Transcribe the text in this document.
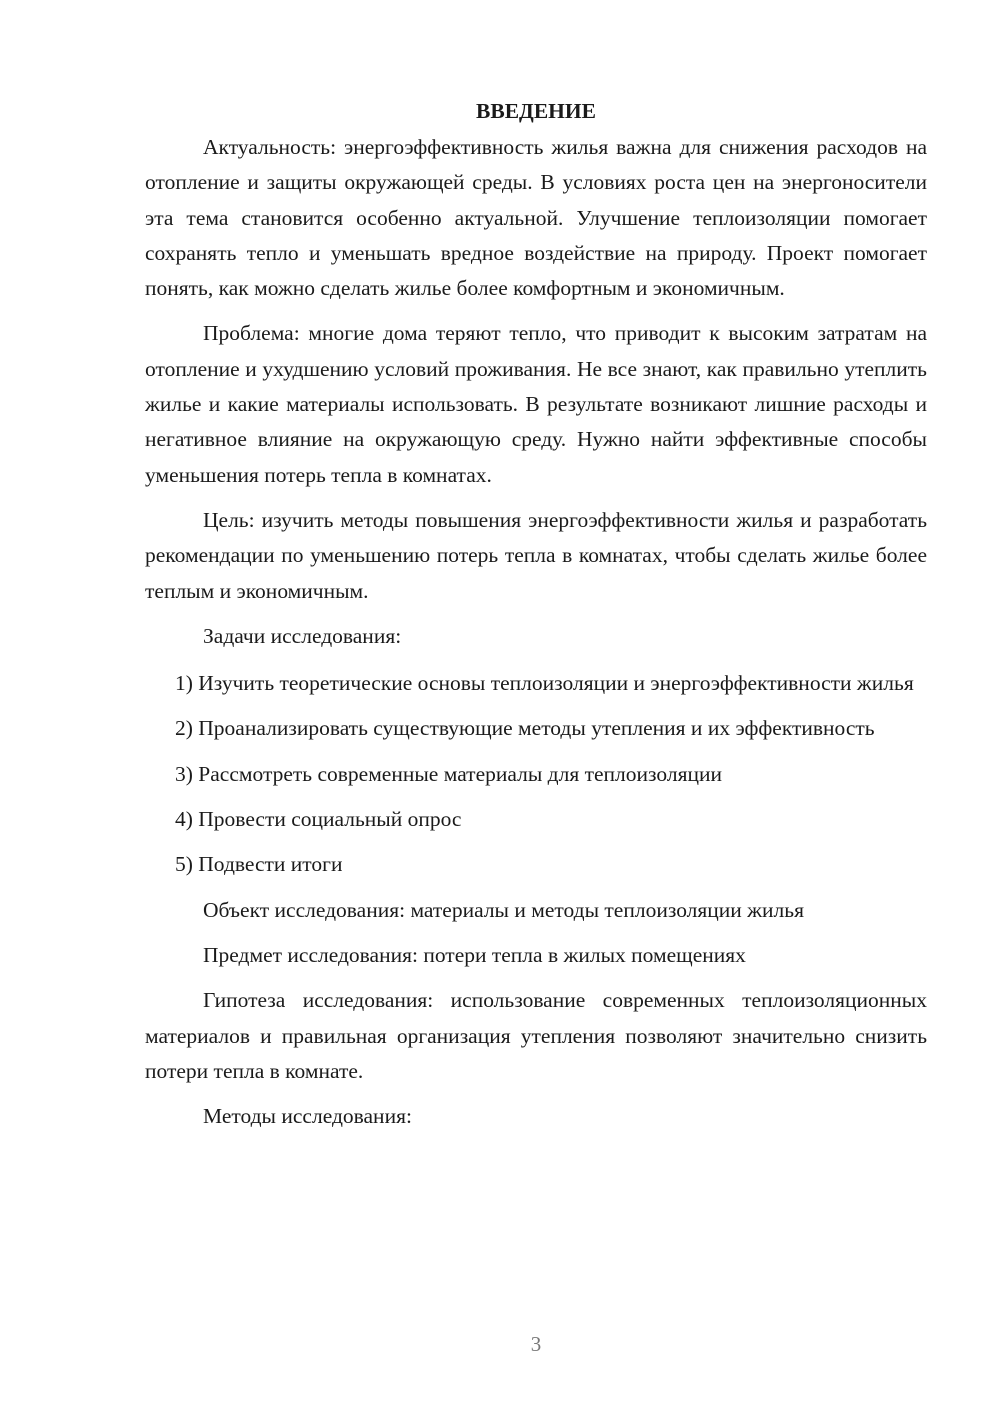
ВВЕДЕНИЕ

Актуальность: энергоэффективность жилья важна для снижения расходов на отопление и защиты окружающей среды. В условиях роста цен на энергоносители эта тема становится особенно актуальной. Улучшение теплоизоляции помогает сохранять тепло и уменьшать вредное воздействие на природу. Проект помогает понять, как можно сделать жилье более комфортным и экономичным.

Проблема: многие дома теряют тепло, что приводит к высоким затратам на отопление и ухудшению условий проживания. Не все знают, как правильно утеплить жилье и какие материалы использовать. В результате возникают лишние расходы и негативное влияние на окружающую среду. Нужно найти эффективные способы уменьшения потерь тепла в комнатах.

Цель: изучить методы повышения энергоэффективности жилья и разработать рекомендации по уменьшению потерь тепла в комнатах, чтобы сделать жилье более теплым и экономичным.

Задачи исследования:

1) Изучить теоретические основы теплоизоляции и энергоэффективности жилья

2) Проанализировать существующие методы утепления и их эффективность

3) Рассмотреть современные материалы для теплоизоляции

4) Провести социальный опрос

5) Подвести итоги

Объект исследования: материалы и методы теплоизоляции жилья

Предмет исследования: потери тепла в жилых помещениях

Гипотеза исследования: использование современных теплоизоляционных материалов и правильная организация утепления позволяют значительно снизить потери тепла в комнате.

Методы исследования:

3
